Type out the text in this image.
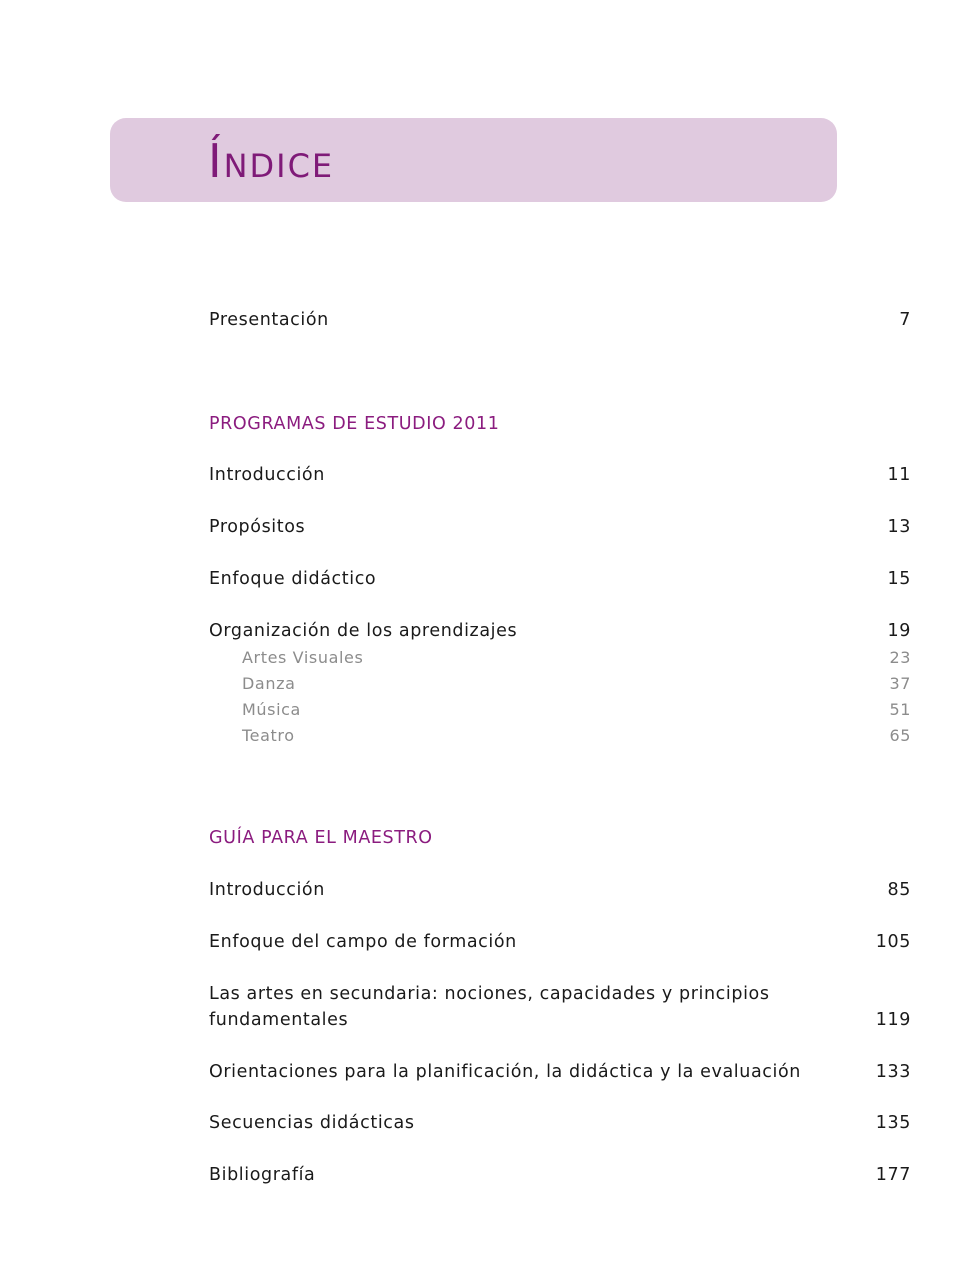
Índice
Presentación	7
PROGRAMAS DE ESTUDIO 2011
Introducción	11
Propósitos	13
Enfoque didáctico	15
Organización de los aprendizajes	19
Artes Visuales	23
Danza	37
Música	51
Teatro	65
GUÍA PARA EL MAESTRO
Introducción	85
Enfoque del campo de formación	105
Las artes en secundaria: nociones, capacidades y principios fundamentales	119
Orientaciones para la planificación, la didáctica y la evaluación	133
Secuencias didácticas	135
Bibliografía	177
